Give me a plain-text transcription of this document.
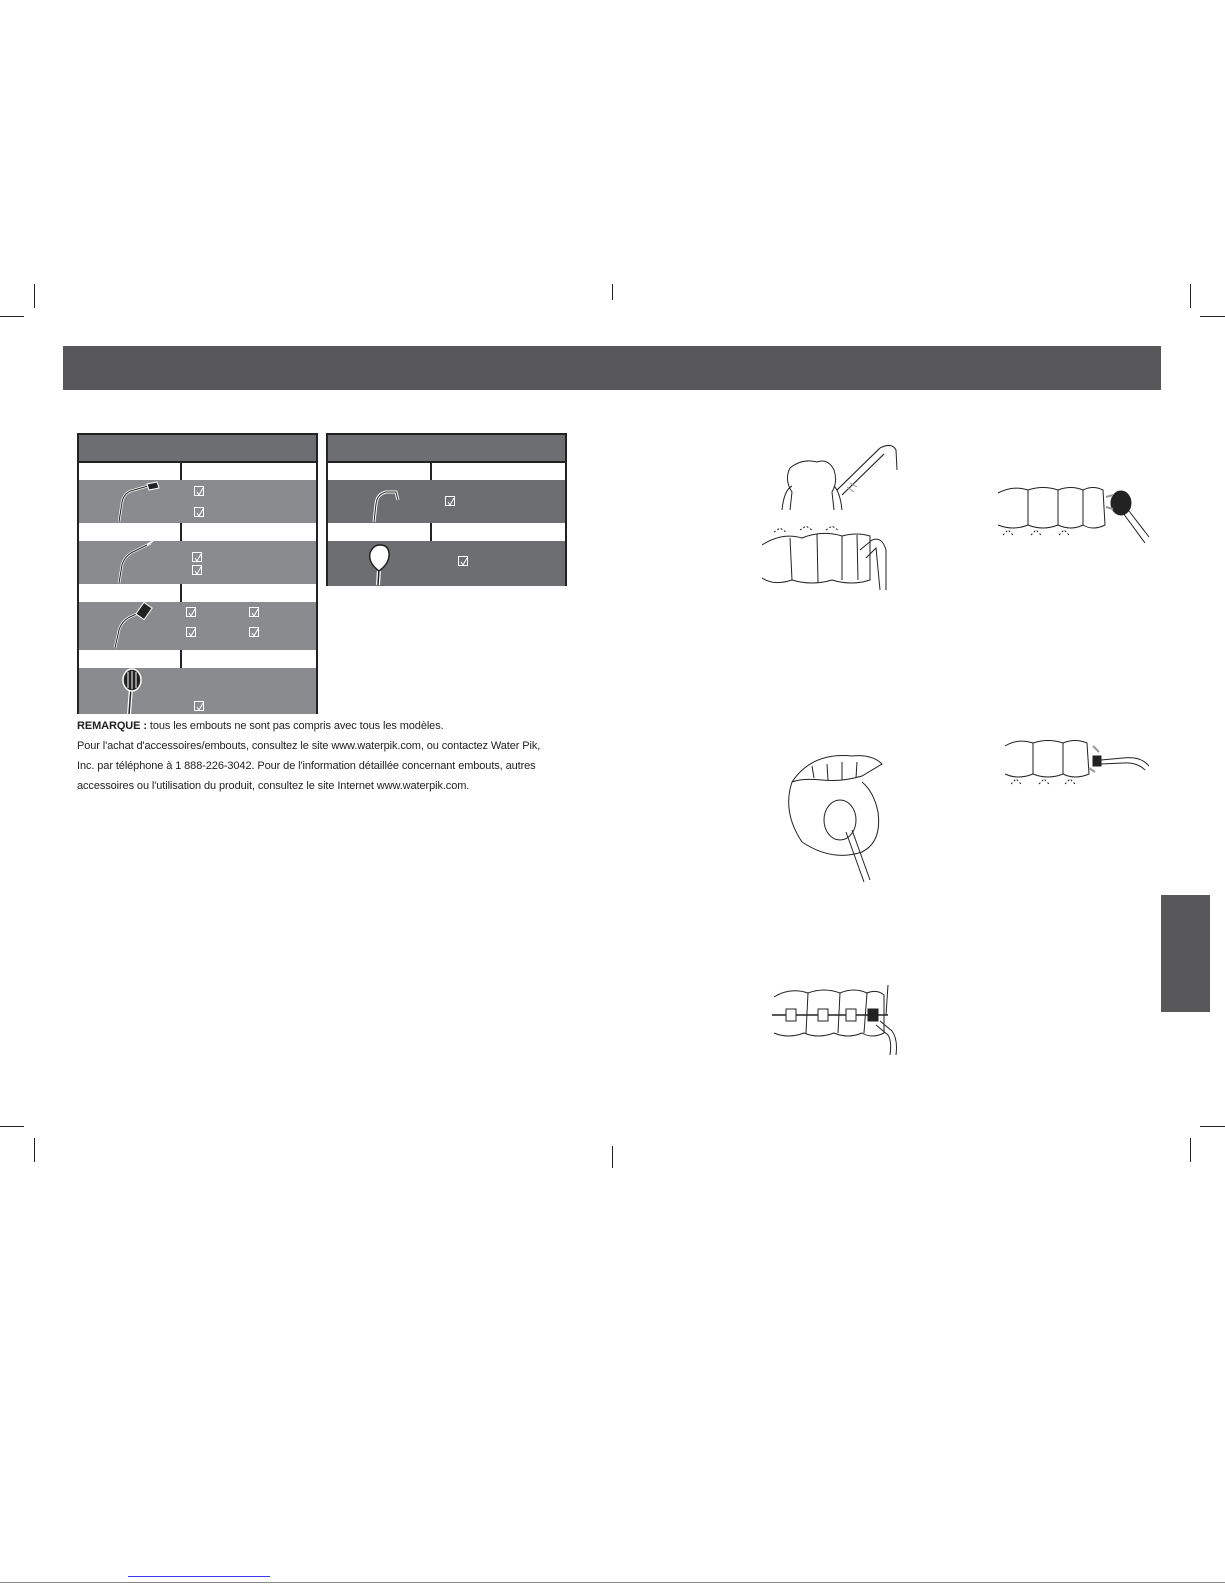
REMARQUE : tous les embouts ne sont pas compris avec tous les modèles.
Pour l'achat d'accessoires/embouts, consultez le site www.waterpik.com, ou contactez Water Pik,
Inc. par téléphone à 1 888-226-3042. Pour de l'information détaillée concernant embouts, autres
accessoires ou l'utilisation du produit, consultez le site Internet www.waterpik.com.
